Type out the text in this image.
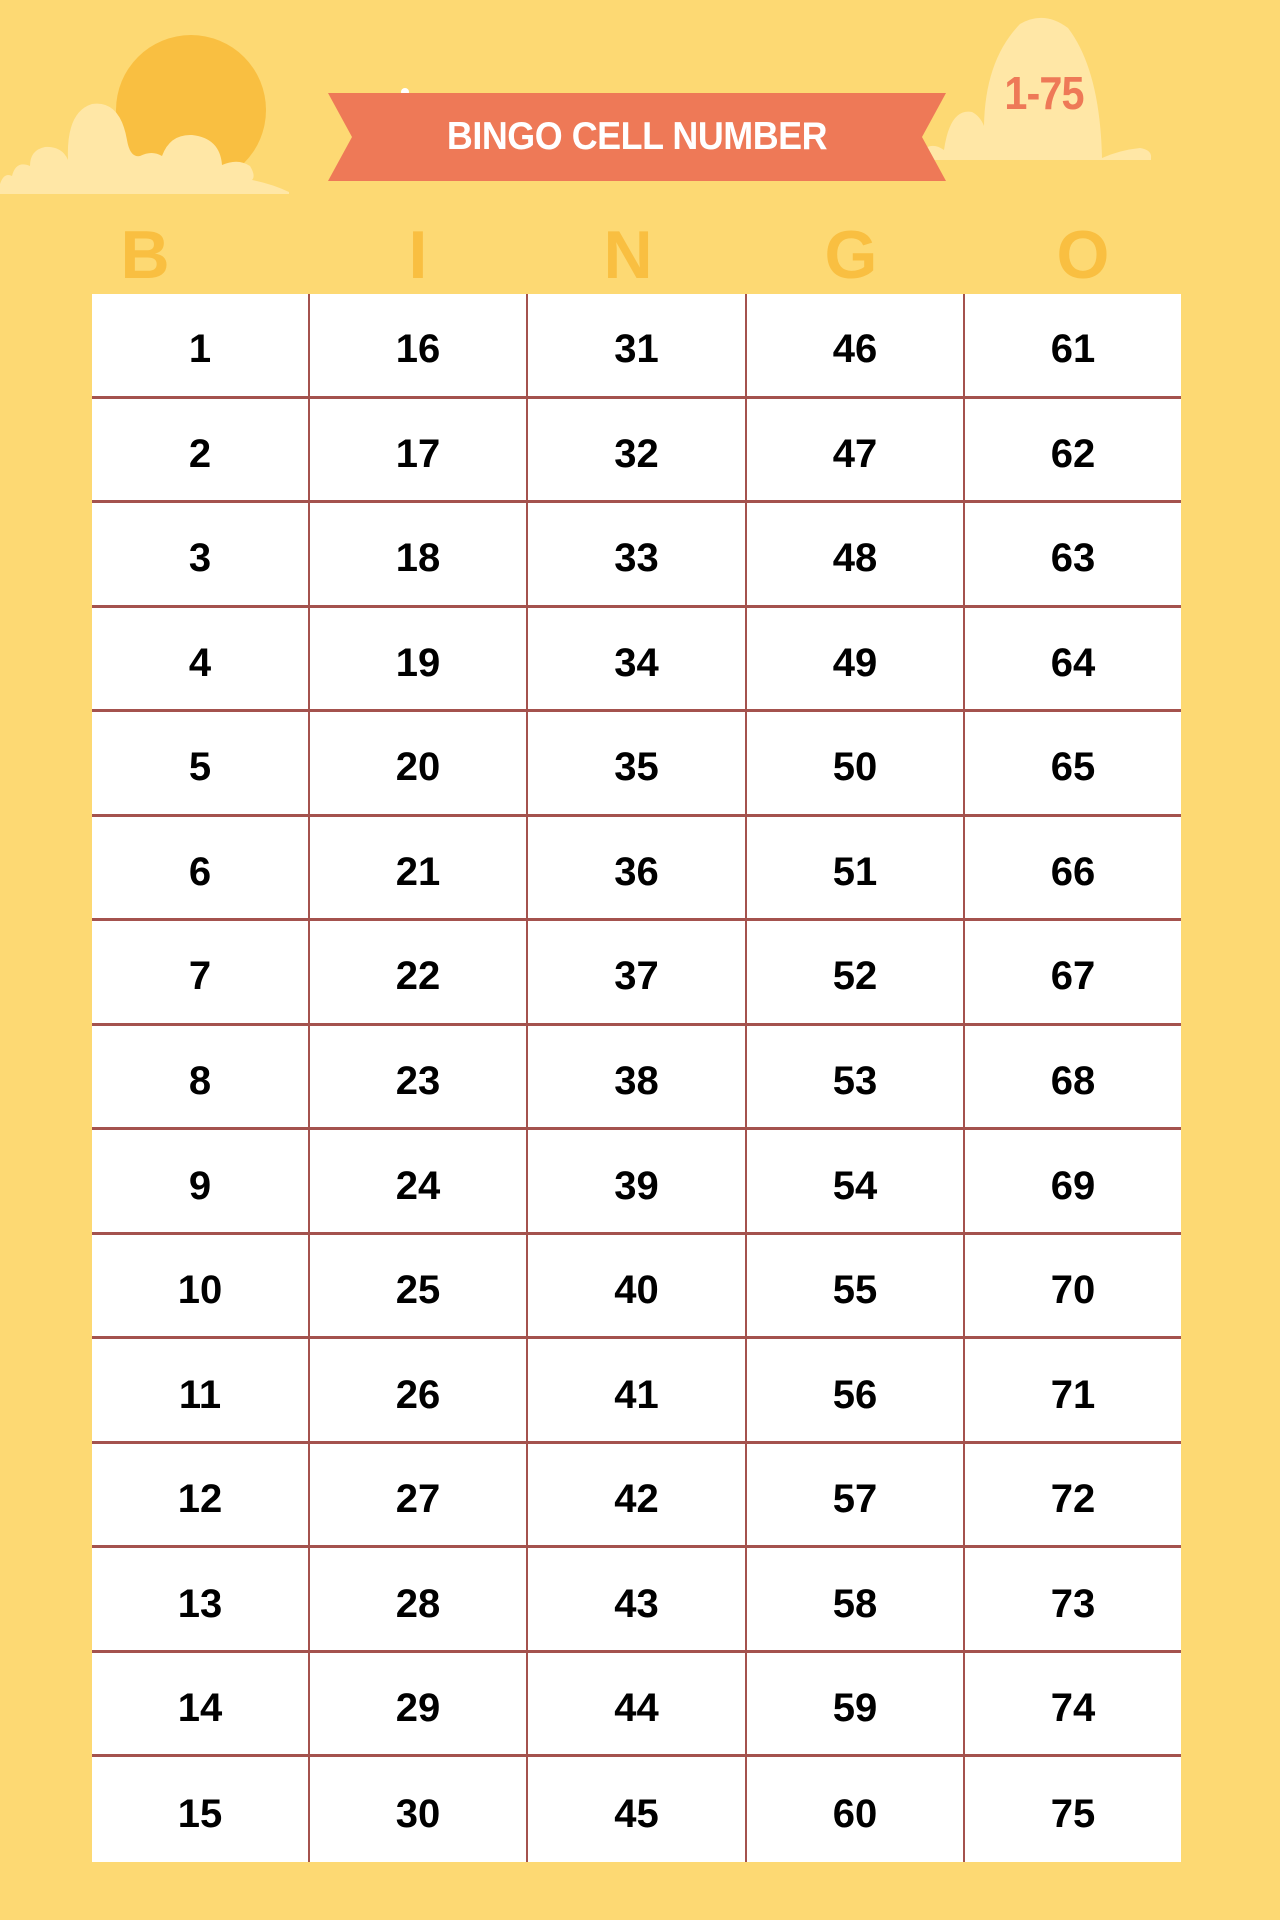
BINGO CELL NUMBER
1-75
B	I	N	G	O
1	16	31	46	61
2	17	32	47	62
3	18	33	48	63
4	19	34	49	64
5	20	35	50	65
6	21	36	51	66
7	22	37	52	67
8	23	38	53	68
9	24	39	54	69
10	25	40	55	70
11	26	41	56	71
12	27	42	57	72
13	28	43	58	73
14	29	44	59	74
15	30	45	60	75
